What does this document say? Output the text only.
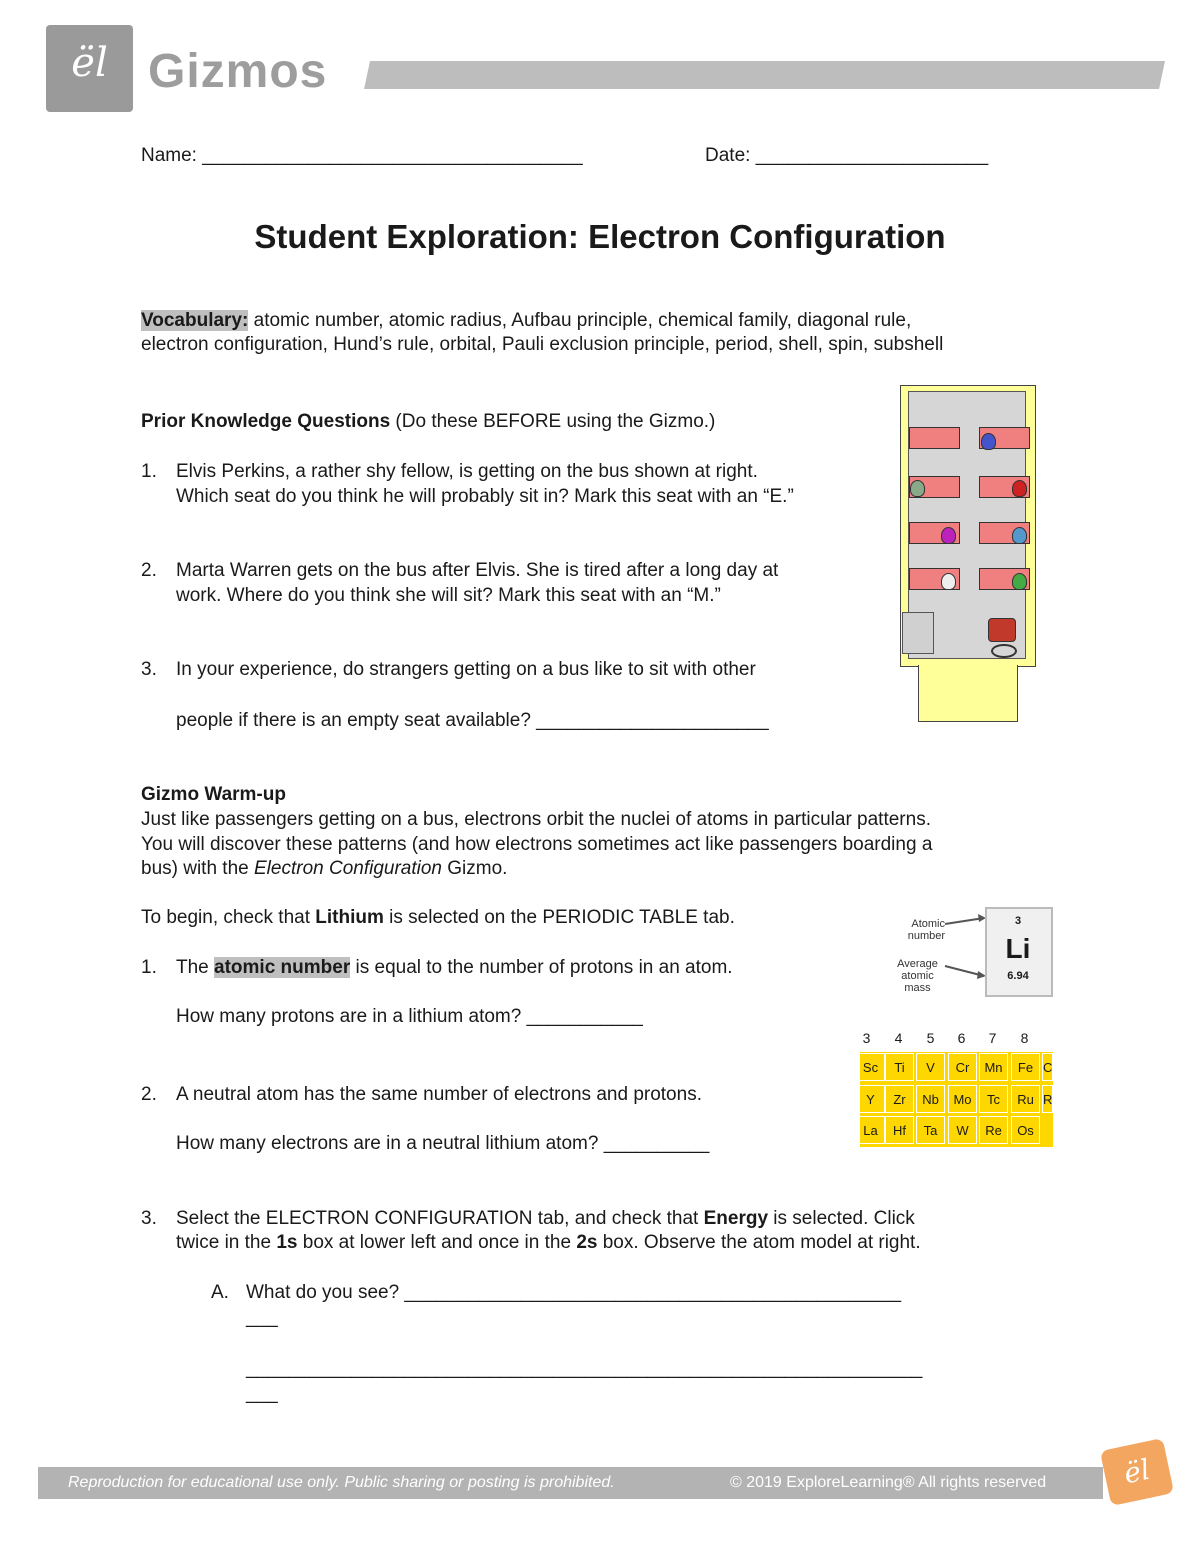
ël Gizmos
Name: ____________________________________	Date: ______________________
Student Exploration: Electron Configuration
Vocabulary: atomic number, atomic radius, Aufbau principle, chemical family, diagonal rule,
electron configuration, Hund’s rule, orbital, Pauli exclusion principle, period, shell, spin, subshell
Prior Knowledge Questions (Do these BEFORE using the Gizmo.)
1. Elvis Perkins, a rather shy fellow, is getting on the bus shown at right.
Which seat do you think he will probably sit in? Mark this seat with an “E.”
2. Marta Warren gets on the bus after Elvis. She is tired after a long day at
work. Where do you think she will sit? Mark this seat with an “M.”
3. In your experience, do strangers getting on a bus like to sit with other
people if there is an empty seat available? ______________________
Gizmo Warm-up
Just like passengers getting on a bus, electrons orbit the nuclei of atoms in particular patterns.
You will discover these patterns (and how electrons sometimes act like passengers boarding a
bus) with the Electron Configuration Gizmo.
To begin, check that Lithium is selected on the PERIODIC TABLE tab.
1. The atomic number is equal to the number of protons in an atom.
How many protons are in a lithium atom? ___________
2. A neutral atom has the same number of electrons and protons.
How many electrons are in a neutral lithium atom? __________
3. Select the ELECTRON CONFIGURATION tab, and check that Energy is selected. Click
twice in the 1s box at lower left and once in the 2s box. Observe the atom model at right.
A. What do you see? _______________________________________________
___
________________________________________________________________
___
Atomic number
Average atomic mass
3
Li
6.94
3	4	5	6	7	8
Sc	Ti	V	Cr	Mn	Fe C
Y	Zr	Nb	Mo	Tc	Ru R
La	Hf	Ta	W	Re	Os
Reproduction for educational use only. Public sharing or posting is prohibited.	© 2019 ExploreLearning® All rights reserved	ël
